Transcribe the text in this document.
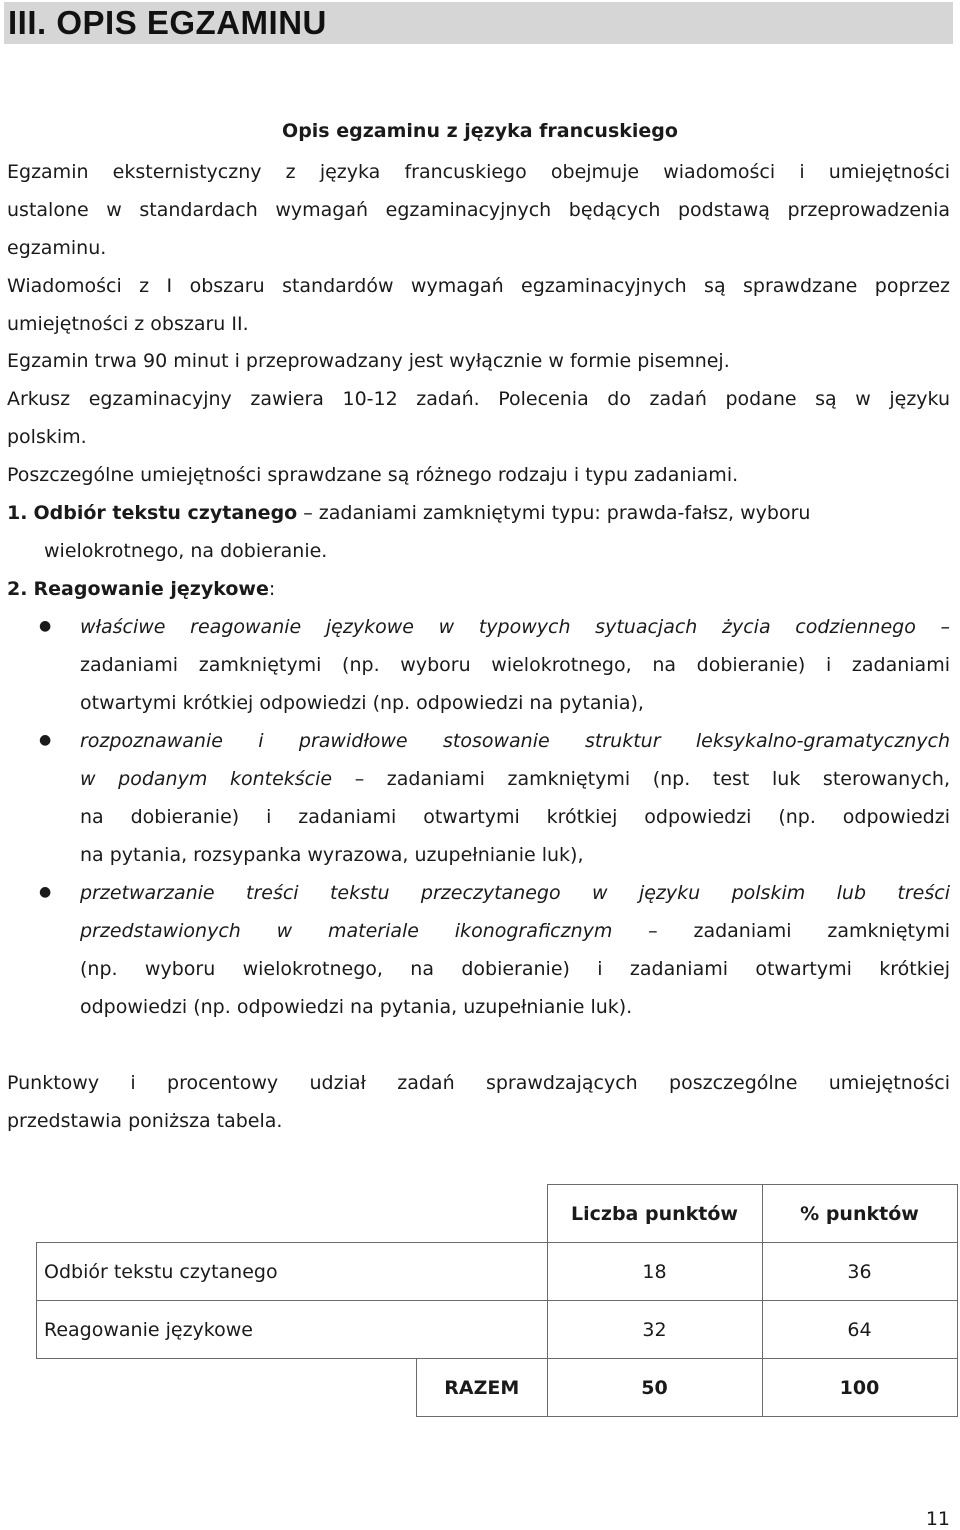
III. OPIS EGZAMINU
Opis egzaminu z języka francuskiego
Egzamin eksternistyczny z języka francuskiego obejmuje wiadomości i umiejętności
ustalone w standardach wymagań egzaminacyjnych będących podstawą przeprowadzenia
egzaminu.
Wiadomości z I obszaru standardów wymagań egzaminacyjnych są sprawdzane poprzez
umiejętności z obszaru II.
Egzamin trwa 90 minut i przeprowadzany jest wyłącznie w formie pisemnej.
Arkusz egzaminacyjny zawiera 10-12 zadań. Polecenia do zadań podane są w języku
polskim.
Poszczególne umiejętności sprawdzane są różnego rodzaju i typu zadaniami.
1. Odbiór tekstu czytanego – zadaniami zamkniętymi typu: prawda-fałsz, wyboru
wielokrotnego, na dobieranie.
2. Reagowanie językowe:
● właściwe reagowanie językowe w typowych sytuacjach życia codziennego –
zadaniami zamkniętymi (np. wyboru wielokrotnego, na dobieranie) i zadaniami
otwartymi krótkiej odpowiedzi (np. odpowiedzi na pytania),
● rozpoznawanie i prawidłowe stosowanie struktur leksykalno-gramatycznych
w podanym kontekście – zadaniami zamkniętymi (np. test luk sterowanych,
na dobieranie) i zadaniami otwartymi krótkiej odpowiedzi (np. odpowiedzi
na pytania, rozsypanka wyrazowa, uzupełnianie luk),
● przetwarzanie treści tekstu przeczytanego w języku polskim lub treści
przedstawionych w materiale ikonograficznym – zadaniami zamkniętymi
(np. wyboru wielokrotnego, na dobieranie) i zadaniami otwartymi krótkiej
odpowiedzi (np. odpowiedzi na pytania, uzupełnianie luk).
Punktowy i procentowy udział zadań sprawdzających poszczególne umiejętności
przedstawia poniższa tabela.
		Liczba punktów	% punktów
Odbiór tekstu czytanego		18	36
Reagowanie językowe		32	64
	RAZEM	50	100
11
